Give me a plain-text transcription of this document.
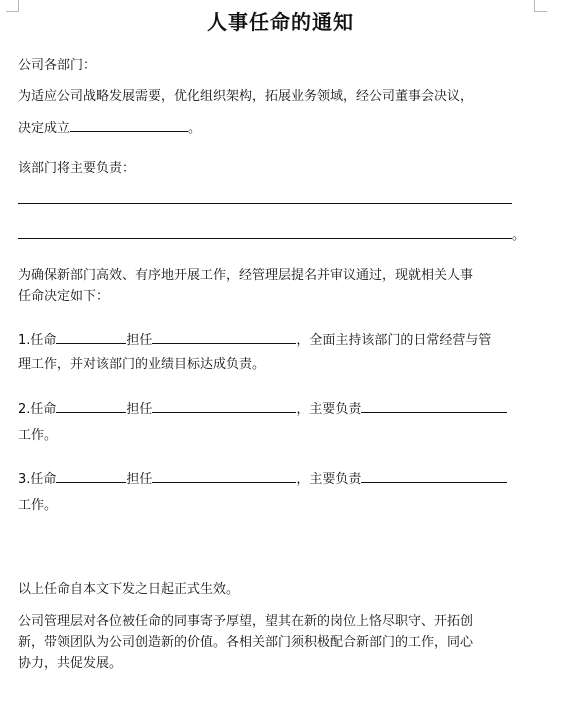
人事任命的通知
公司各部门：
为适应公司战略发展需要，优化组织架构，拓展业务领域，经公司董事会决议，
决定成立	。
该部门将主要负责：
。
为确保新部门高效、有序地开展工作，经管理层提名并审议通过，现就相关人事
任命决定如下：
1.任命	担任	，全面主持该部门的日常经营与管
理工作，并对该部门的业绩目标达成负责。
2.任命	担任	，主要负责
工作。
3.任命	担任	，主要负责
工作。
以上任命自本文下发之日起正式生效。
公司管理层对各位被任命的同事寄予厚望，望其在新的岗位上恪尽职守、开拓创
新，带领团队为公司创造新的价值。各相关部门须积极配合新部门的工作，同心
协力，共促发展。
